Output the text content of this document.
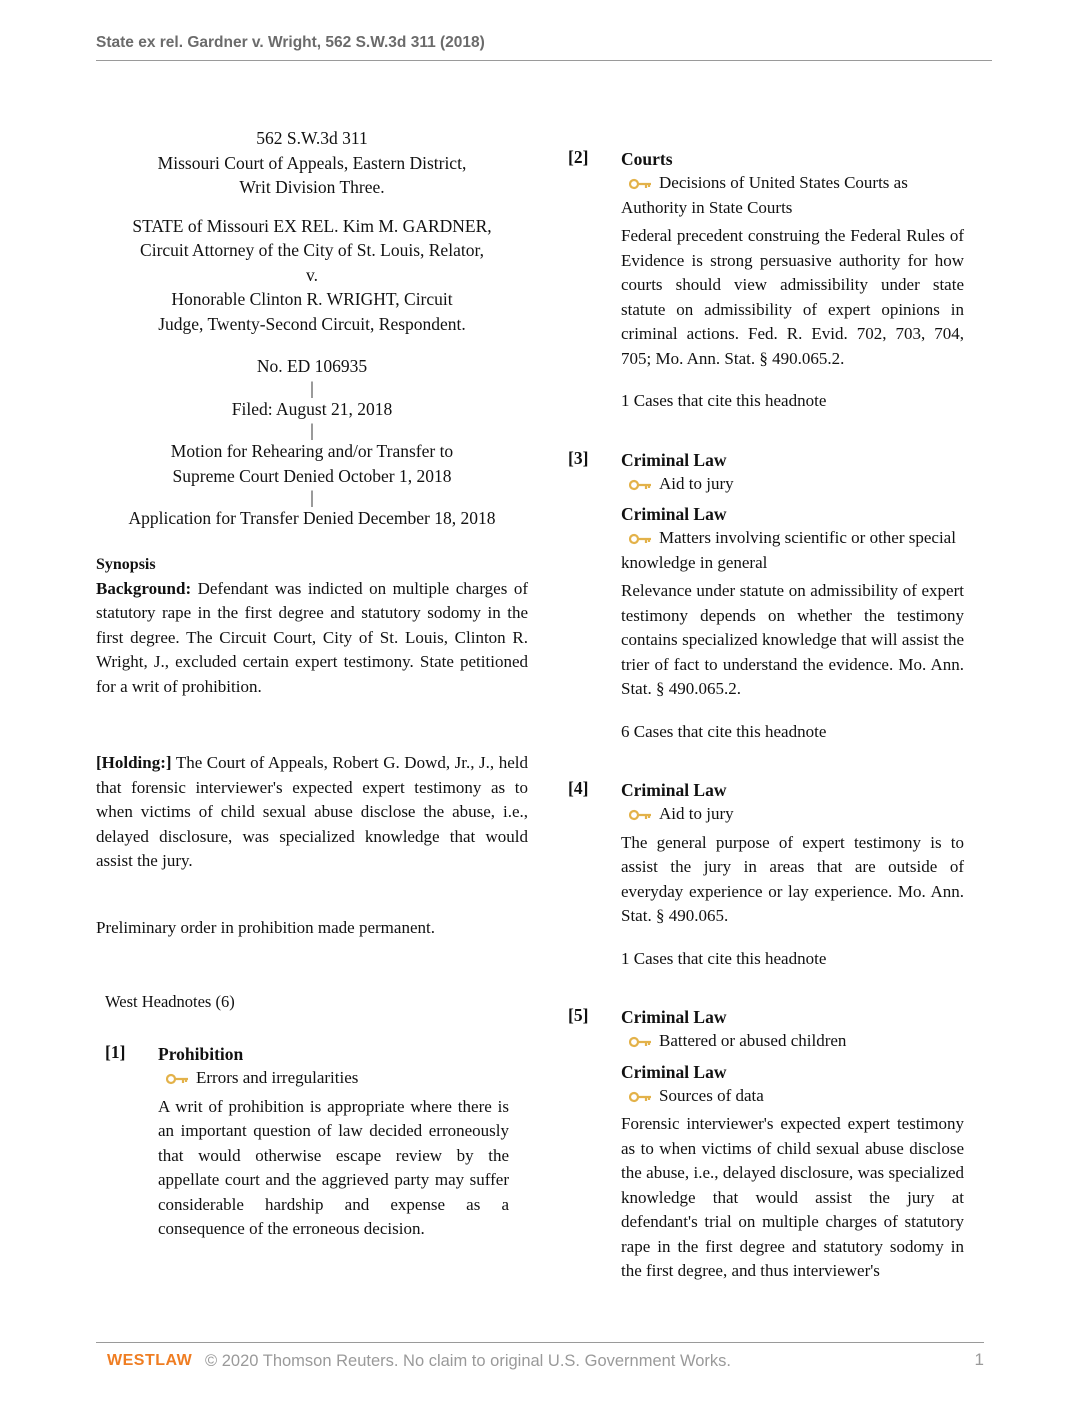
State ex rel. Gardner v. Wright, 562 S.W.3d 311 (2018)
562 S.W.3d 311
Missouri Court of Appeals, Eastern District,
Writ Division Three.
STATE of Missouri EX REL. Kim M. GARDNER,
Circuit Attorney of the City of St. Louis, Relator,
v.
Honorable Clinton R. WRIGHT, Circuit
Judge, Twenty-Second Circuit, Respondent.
No. ED 106935
|
Filed: August 21, 2018
|
Motion for Rehearing and/or Transfer to
Supreme Court Denied October 1, 2018
|
Application for Transfer Denied December 18, 2018
Synopsis
Background: Defendant was indicted on multiple charges of statutory rape in the first degree and statutory sodomy in the first degree. The Circuit Court, City of St. Louis, Clinton R. Wright, J., excluded certain expert testimony. State petitioned for a writ of prohibition.
[Holding:] The Court of Appeals, Robert G. Dowd, Jr., J., held that forensic interviewer's expected expert testimony as to when victims of child sexual abuse disclose the abuse, i.e., delayed disclosure, was specialized knowledge that would assist the jury.
Preliminary order in prohibition made permanent.
West Headnotes (6)
[1] Prohibition
Errors and irregularities
A writ of prohibition is appropriate where there is an important question of law decided erroneously that would otherwise escape review by the appellate court and the aggrieved party may suffer considerable hardship and expense as a consequence of the erroneous decision.
[2] Courts
Decisions of United States Courts as Authority in State Courts
Federal precedent construing the Federal Rules of Evidence is strong persuasive authority for how courts should view admissibility under state statute on admissibility of expert opinions in criminal actions. Fed. R. Evid. 702, 703, 704, 705; Mo. Ann. Stat. § 490.065.2.
1 Cases that cite this headnote
[3] Criminal Law
Aid to jury
Criminal Law
Matters involving scientific or other special knowledge in general
Relevance under statute on admissibility of expert testimony depends on whether the testimony contains specialized knowledge that will assist the trier of fact to understand the evidence. Mo. Ann. Stat. § 490.065.2.
6 Cases that cite this headnote
[4] Criminal Law
Aid to jury
The general purpose of expert testimony is to assist the jury in areas that are outside of everyday experience or lay experience. Mo. Ann. Stat. § 490.065.
1 Cases that cite this headnote
[5] Criminal Law
Battered or abused children
Criminal Law
Sources of data
Forensic interviewer's expected expert testimony as to when victims of child sexual abuse disclose the abuse, i.e., delayed disclosure, was specialized knowledge that would assist the jury at defendant's trial on multiple charges of statutory rape in the first degree and statutory sodomy in the first degree, and thus interviewer's
WESTLAW © 2020 Thomson Reuters. No claim to original U.S. Government Works.	1
